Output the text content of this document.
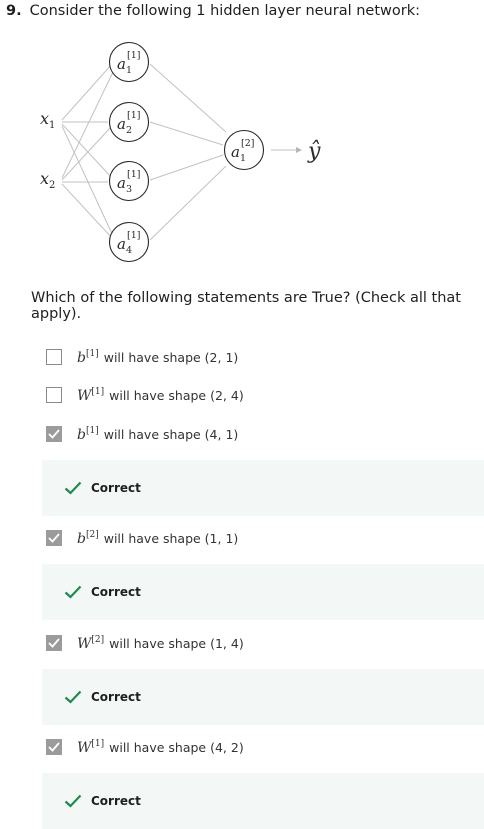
9. Consider the following 1 hidden layer neural network:
$x_1$
$x_2$
a [1]
1
a [1]
2
a [1]
3
a [1]
4
a [2]
1	ŷ
Which of the following statements are True? (Check all that apply).
b[1] will have shape (2, 1)
W[1] will have shape (2, 4)
b[1] will have shape (4, 1)
Correct
b[2] will have shape (1, 1)
Correct
W[2] will have shape (1, 4)
Correct
W[1] will have shape (4, 2)
Correct
